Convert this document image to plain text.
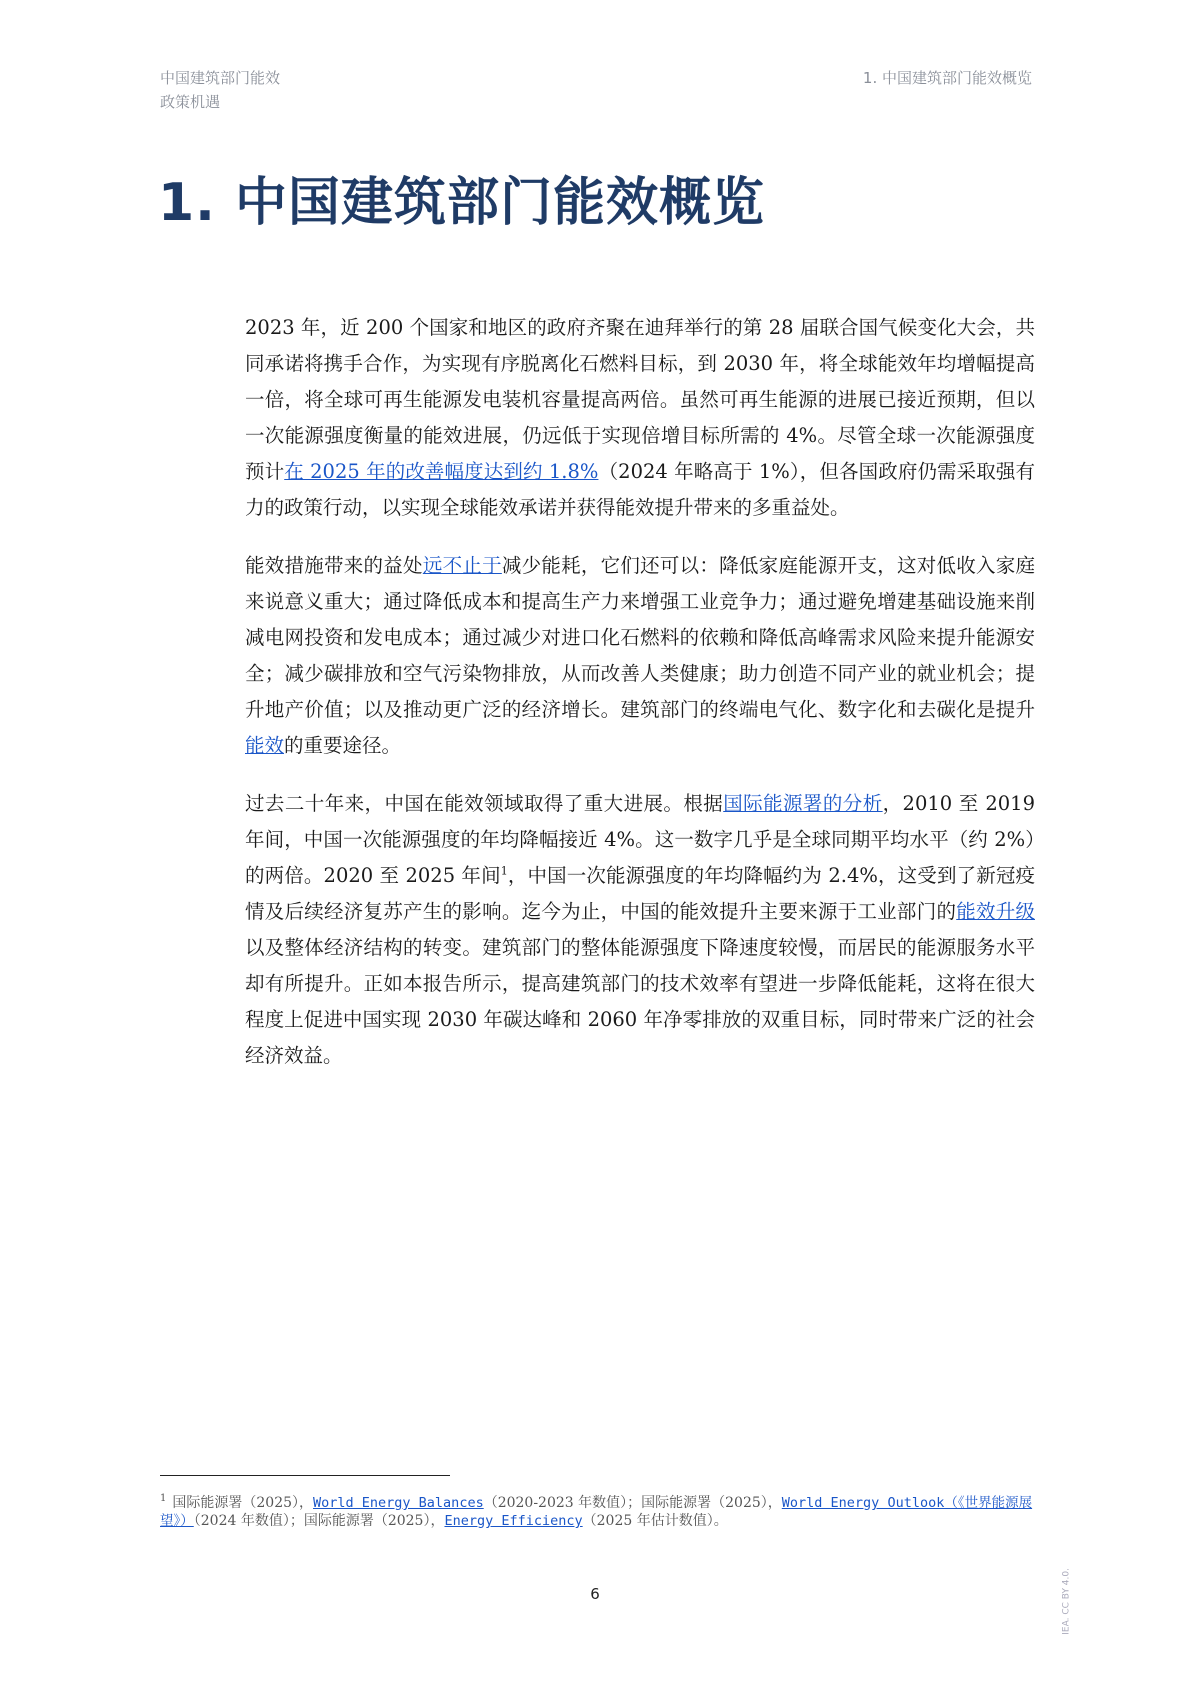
中国建筑部门能效
政策机遇
1. 中国建筑部门能效概览
1. 中国建筑部门能效概览

2023 年，近 200 个国家和地区的政府齐聚在迪拜举行的第 28 届联合国气候变化大会，共同承诺将携手合作，为实现有序脱离化石燃料目标，到 2030 年，将全球能效年均增幅提高一倍，将全球可再生能源发电装机容量提高两倍。虽然可再生能源的进展已接近预期，但以一次能源强度衡量的能效进展，仍远低于实现倍增目标所需的 4%。尽管全球一次能源强度预计在 2025 年的改善幅度达到约 1.8%（2024 年略高于 1%），但各国政府仍需采取强有力的政策行动，以实现全球能效承诺并获得能效提升带来的多重益处。

能效措施带来的益处远不止于减少能耗，它们还可以：降低家庭能源开支，这对低收入家庭来说意义重大；通过降低成本和提高生产力来增强工业竞争力；通过避免增建基础设施来削减电网投资和发电成本；通过减少对进口化石燃料的依赖和降低高峰需求风险来提升能源安全；减少碳排放和空气污染物排放，从而改善人类健康；助力创造不同产业的就业机会；提升地产价值；以及推动更广泛的经济增长。建筑部门的终端电气化、数字化和去碳化是提升能效的重要途径。

过去二十年来，中国在能效领域取得了重大进展。根据国际能源署的分析，2010 至 2019 年间，中国一次能源强度的年均降幅接近 4%。这一数字几乎是全球同期平均水平（约 2%）的两倍。2020 至 2025 年间$^1$，中国一次能源强度的年均降幅约为 2.4%，这受到了新冠疫情及后续经济复苏产生的影响。迄今为止，中国的能效提升主要来源于工业部门的能效升级以及整体经济结构的转变。建筑部门的整体能源强度下降速度较慢，而居民的能源服务水平却有所提升。正如本报告所示，提高建筑部门的技术效率有望进一步降低能耗，这将在很大程度上促进中国实现 2030 年碳达峰和 2060 年净零排放的双重目标，同时带来广泛的社会经济效益。

$^1$ 国际能源署（2025），World Energy Balances（2020-2023 年数值）；国际能源署（2025），World Energy Outlook（《世界能源展望》）（2024 年数值）；国际能源署（2025），Energy Efficiency（2025 年估计数值）。
6	IEA. CC BY 4.0.
